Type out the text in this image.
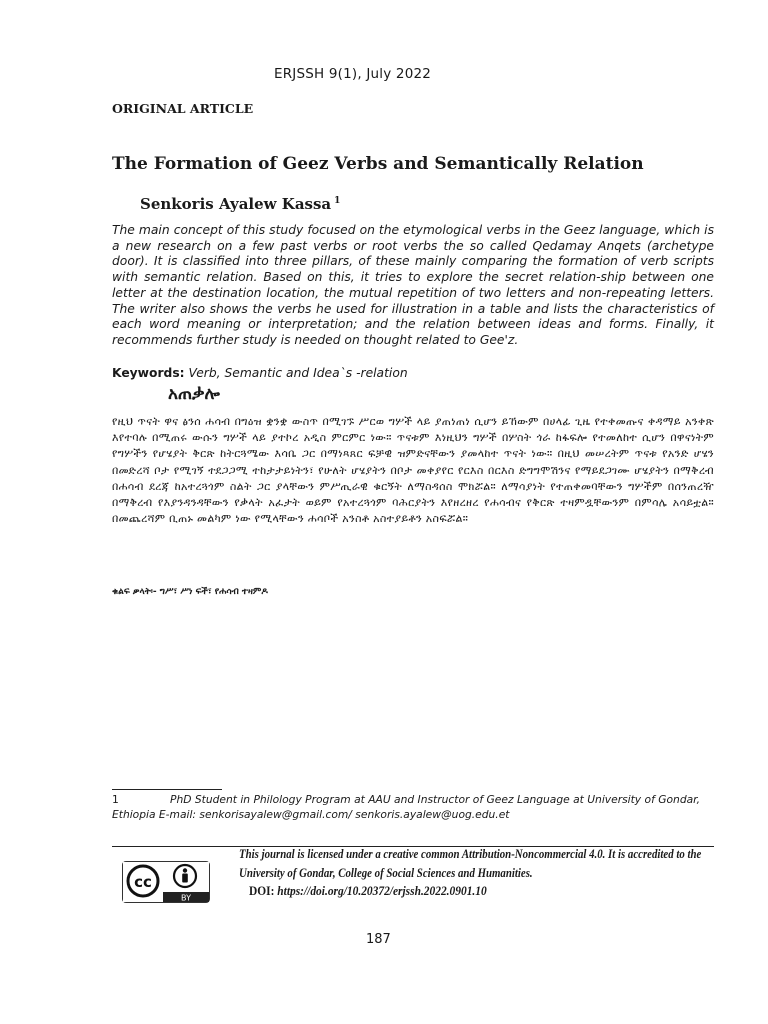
ERJSSH 9(1), July 2022
ORIGINAL ARTICLE
The Formation of Geez Verbs and Semantically Relation
Senkoris Ayalew Kassa $^1$
The main concept of this study focused on the etymological verbs in the Geez language, which is a new research on a few past verbs or root verbs the so called Qedamay Anqets (archetype door). It is classified into three pillars, of these mainly comparing the formation of verb scripts with semantic relation. Based on this, it tries to explore the secret relation-ship between one letter at the destination location, the mutual repetition of two letters and non-repeating letters. The writer also shows the verbs he used for illustration in a table and lists the characteristics of each word meaning or interpretation; and the relation between ideas and forms. Finally, it recommends further study is needed on thought related to Gee'z.
Keywords: Verb, Semantic and Idea`s -relation
አጠቃሎ
የዚህ ጥናት ዋና ፅንሰ ሐሳብ በግዕዝ ቋንቋ ውስጥ በሚገኙ ሥርወ ግሦች ላይ ያጠነጠነ ሲሆን ይኸውም በሀላፊ ጊዜ የተቀመጡና ቀዳማይ አንቀጽ እየተባሉ በሚጠሩ ውሱን ግሦች ላይ ያተኮረ አዲስ ምርምር ነው። ጥናቱም እነዚህን ግሦች በሦስት ጎራ ከፋፍሎ የተመለከተ ሲሆን በዋናነትም የግሦችን የሆሄያት ቅርጽ ከትርጓሜው እሳቤ ጋር በማነጻጸር ፍቻዊ ዝምድናቸውን ያመላከተ ጥናት ነው። በዚህ መሠረትም ጥናቱ የአንድ ሆሄን በመድረሻ ቦታ የሚገኝ ተደጋጋሚ ተከታታይነትን፣ የሁለት ሆሄያትን በቦታ መቀያየር የርእስ በርእስ ድግግሞሽንና የማይደጋገሙ ሆሄያትን በማቅረብ በሐሳብ ደረጃ ከአተረጓጎም ስልት ጋር ያላቸውን ምሥጢራዊ ቁርኝት ለማስዳሰስ ሞክሯል። ለማሳያነት የተጠቀመባቸውን ግሦችም በሰንጠረዥ በማቅረብ የእያንዳንዳቸውን የቃላት አፈታት ወይም የአተረጓጎም ባሕርያትን እየዘረዘረ የሐሳብና የቅርጽ ተዛምዷቸውንም በምሳሌ አሳይቷል። በመጨረሻም ቢጠኑ መልካም ነው የሚላቸውን ሐሳቦች አንስቶ አስተያይቶን አስፍሯል።
ቁልፍ ቃላት፡- ግሥ፣ ሥነ ፍች፣ የሐሳብ ተዛምዶ
1	PhD Student in Philology Program at AAU and Instructor of Geez Language at University of Gondar, Ethiopia E-mail: senkorisayalew@gmail.com/ senkoris.ayalew@uog.edu.et
cc
BY
This journal is licensed under a creative common Attribution-Noncommercial 4.0. It is accredited to the University of Gondar, College of Social Sciences and Humanities.
DOI: https://doi.org/10.20372/erjssh.2022.0901.10
187
